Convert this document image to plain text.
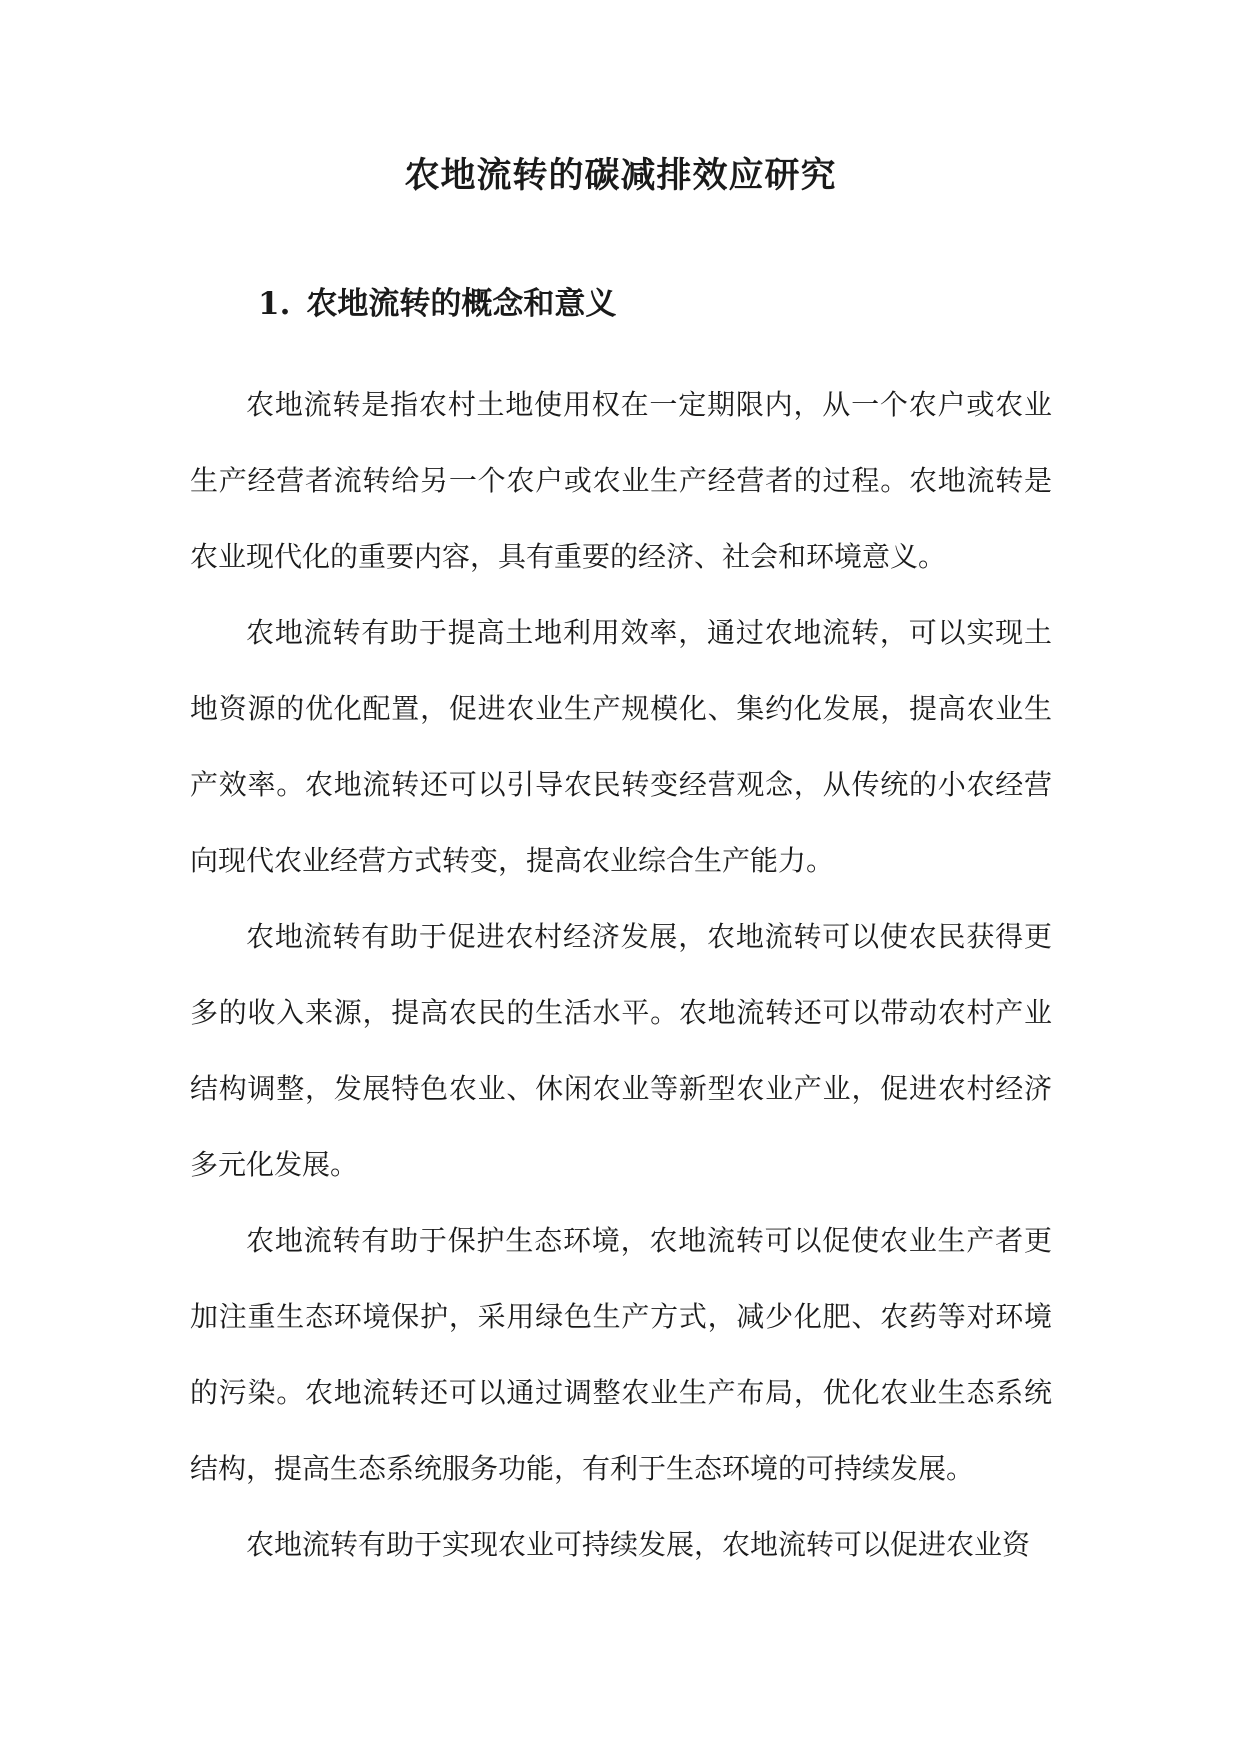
农地流转的碳减排效应研究
1. 农地流转的概念和意义

农地流转是指农村土地使用权在一定期限内，从一个农户或农业生产经营者流转给另一个农户或农业生产经营者的过程。农地流转是农业现代化的重要内容，具有重要的经济、社会和环境意义。

农地流转有助于提高土地利用效率，通过农地流转，可以实现土地资源的优化配置，促进农业生产规模化、集约化发展，提高农业生产效率。农地流转还可以引导农民转变经营观念，从传统的小农经营向现代农业经营方式转变，提高农业综合生产能力。

农地流转有助于促进农村经济发展，农地流转可以使农民获得更多的收入来源，提高农民的生活水平。农地流转还可以带动农村产业结构调整，发展特色农业、休闲农业等新型农业产业，促进农村经济多元化发展。

农地流转有助于保护生态环境，农地流转可以促使农业生产者更加注重生态环境保护，采用绿色生产方式，减少化肥、农药等对环境的污染。农地流转还可以通过调整农业生产布局，优化农业生态系统结构，提高生态系统服务功能，有利于生态环境的可持续发展。

农地流转有助于实现农业可持续发展，农地流转可以促进农业资
